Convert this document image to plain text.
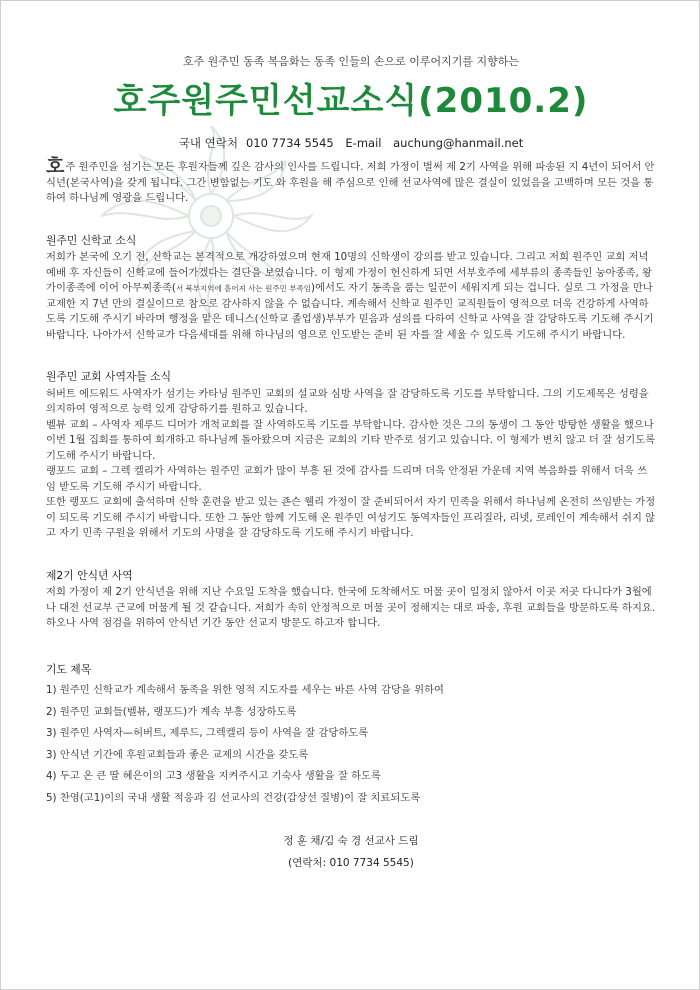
호주 원주민 동족 복음화는 동족 인들의 손으로 이루어지기를 지향하는
호주원주민선교소식(2010.2)
국내 연락처 010 7734 5545 E-mail auchung@hanmail.net

호주 원주민을 섬기는 모든 후원자들께 깊은 감사의 인사를 드립니다. 저희 가정이 벌써 제 2기 사역을 위해 파송된 지 4년이 되어서 안식년(본국사역)을 갖게 됩니다. 그간 변함없는 기도 와 후원을 해 주심으로 인해 선교사역에 많은 결실이 있었음을 고백하며 모든 것을 통하여 하나님께 영광을 드립니다.

원주민 신학교 소식

저희가 본국에 오기 전, 신학교는 본격적으로 개강하였으며 현재 10명의 신학생이 강의를 받고 있습니다. 그리고 저희 원주민 교회 저녁 예배 후 자신들이 신학교에 들어가겠다는 결단을 보였습니다. 이 형제 가정이 헌신하게 되면 서부호주에 세부류의 종족들인 눙아종족, 왕가이종족에 이어 아무찌종족(서 북부지역에 흩어져 사는 원주민 부족임)에서도 자기 동족을 품는 일꾼이 세워지게 되는 겁니다. 실로 그 가정을 만나 교제한 지 7년 만의 결실이므로 참으로 감사하지 않을 수 없습니다. 계속해서 신학교 원주민 교직원들이 영적으로 더욱 건강하게 사역하도록 기도해 주시기 바라며 행정을 맡은 데니스(신학교 졸업생)부부가 믿음과 성의를 다하여 신학교 사역을 잘 감당하도록 기도해 주시기 바랍니다. 나아가서 신학교가 다음세대를 위해 하나님의 영으로 인도받는 준비 된 자를 잘 세울 수 있도록 기도해 주시기 바랍니다.

원주민 교회 사역자들 소식

허버트 에드워드 사역자가 섬기는 카타닝 원주민 교회의 설교와 심방 사역을 잘 감당하도록 기도를 부탁합니다. 그의 기도제목은 성령을 의지하여 영적으로 능력 있게 감당하기를 원하고 있습니다.

벨뷰 교회 – 사역자 제루드 디머가 개척교회를 잘 사역하도록 기도를 부탁합니다. 감사한 것은 그의 동생이 그 동안 방탕한 생활을 했으나 이번 1월 집회를 통하여 회개하고 하나님께 돌아왔으며 지금은 교회의 기타 반주로 섬기고 있습니다. 이 형제가 변치 않고 더 잘 섬기도록 기도해 주시기 바랍니다.

랭포드 교회 – 그렉 켈리가 사역하는 원주민 교회가 많이 부흥 된 것에 감사를 드리며 더욱 안정된 가운데 지역 복음화를 위해서 더욱 쓰임 받도록 기도해 주시기 바랍니다.

또한 랭포드 교회에 출석하며 신학 훈련을 받고 있는 죤슨 웰리 가정이 잘 준비되어서 자기 민족을 위해서 하나님께 온전히 쓰임받는 가정이 되도록 기도해 주시기 바랍니다. 또한 그 동안 함께 기도해 온 원주민 여성기도 동역자들인 프리질라, 리넷, 로레인이 계속해서 쉬지 않고 자기 민족 구원을 위해서 기도의 사명을 잘 감당하도록 기도해 주시기 바랍니다.

제2기 안식년 사역

저희 가정이 제 2기 안식년을 위해 지난 수요일 도착을 했습니다. 한국에 도착해서도 머물 곳이 일정치 않아서 이곳 저곳 다니다가 3월에나 대전 선교부 근교에 머물게 될 것 같습니다. 저희가 속히 안정적으로 머물 곳이 정해지는 대로 파송, 후원 교회들을 방문하도록 하지요. 하오나 사역 점검을 위하여 안식년 기간 동안 선교지 방문도 하고자 합니다.

기도 제목
1) 원주민 신학교가 계속해서 동족을 위한 영적 지도자를 세우는 바른 사역 감당을 위하여
2) 원주민 교회들(벨뷰, 랭포드)가 계속 부흥 성장하도록
3) 원주민 사역자—허버트, 제루드, 그렉켈리 등이 사역을 잘 감당하도록
3) 안식년 기간에 후원교회들과 좋은 교제의 시간을 갖도록
4) 두고 온 큰 딸 혜은이의 고3 생활을 지켜주시고 기숙사 생활을 잘 하도록
5) 찬영(고1)이의 국내 생활 적응과 김 선교사의 건강(갑상선 질병)이 잘 치료되도록
정 훈 채/김 숙 경 선교사 드림
(연락처: 010 7734 5545)
